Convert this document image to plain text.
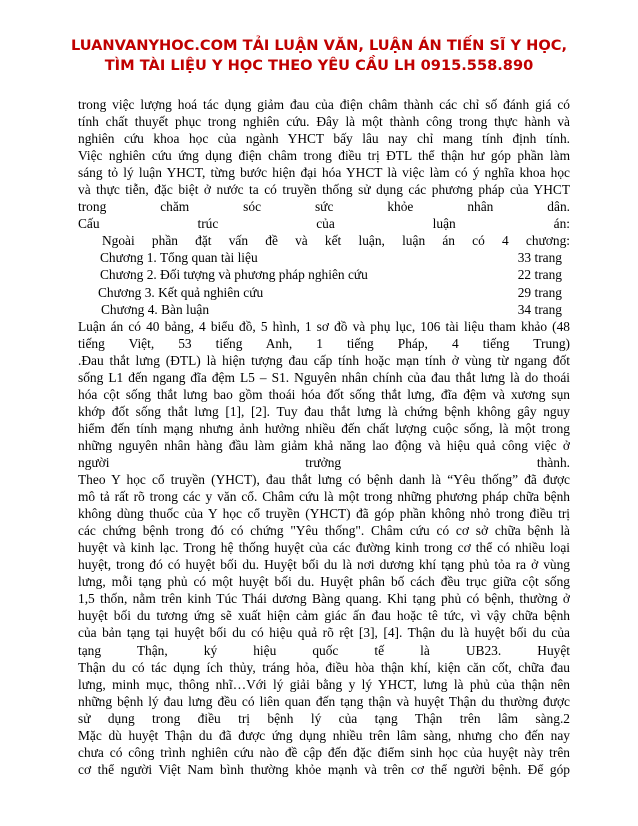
LUANVANYHOC.COM TẢI LUẬN VĂN, LUẬN ÁN TIẾN SĨ Y HỌC,
TÌM TÀI LIỆU Y HỌC THEO YÊU CẦU LH 0915.558.890
trong việc lượng hoá tác dụng giảm đau của điện châm thành các chỉ số đánh giá có
tính chất thuyết phục trong nghiên cứu. Đây là một thành công trong thực hành và
nghiên cứu khoa học của ngành YHCT bấy lâu nay chỉ mang tính định tính.
Việc nghiên cứu ứng dụng điện châm trong điều trị ĐTL thể thận hư góp phần làm
sáng tỏ lý luận YHCT, từng bước hiện đại hóa YHCT là việc làm có ý nghĩa khoa học
và thực tiễn, đặc biệt ở nước ta có truyền thống sử dụng các phương pháp của YHCT
trong chăm sóc sức khỏe nhân dân.
Cấu trúc của luận án:
Ngoài phần đặt vấn đề và kết luận, luận án có 4 chương:
Chương 1. Tổng quan tài liệu	33 trang
Chương 2. Đối tượng và phương pháp nghiên cứu	22 trang
Chương 3. Kết quả nghiên cứu	29 trang
Chương 4. Bàn luận	34 trang
Luận án có 40 bảng, 4 biểu đồ, 5 hình, 1 sơ đồ và phụ lục, 106 tài liệu tham khảo (48
tiếng Việt, 53 tiếng Anh, 1 tiếng Pháp, 4 tiếng Trung)
.Đau thắt lưng (ĐTL) là hiện tượng đau cấp tính hoặc mạn tính ở vùng từ ngang đốt
sống L1 đến ngang đĩa đệm L5 – S1. Nguyên nhân chính của đau thắt lưng là do thoái
hóa cột sống thắt lưng bao gồm thoái hóa đốt sống thắt lưng, đĩa đệm và xương sụn
khớp đốt sống thắt lưng [1], [2]. Tuy đau thắt lưng là chứng bệnh không gây nguy
hiểm đến tính mạng nhưng ảnh hưởng nhiều đến chất lượng cuộc sống, là một trong
những nguyên nhân hàng đầu làm giảm khả năng lao động và hiệu quả công việc ở
người trưởng thành.
Theo Y học cổ truyền (YHCT), đau thắt lưng có bệnh danh là “Yêu thống” đã được
mô tả rất rõ trong các y văn cổ. Châm cứu là một trong những phương pháp chữa bệnh
không dùng thuốc của Y học cổ truyền (YHCT) đã góp phần không nhỏ trong điều trị
các chứng bệnh trong đó có chứng "Yêu thống". Châm cứu có cơ sở chữa bệnh là
huyệt và kinh lạc. Trong hệ thống huyệt của các đường kinh trong cơ thể có nhiều loại
huyệt, trong đó có huyệt bối du. Huyệt bối du là nơi dương khí tạng phủ tỏa ra ở vùng
lưng, mỗi tạng phủ có một huyệt bối du. Huyệt phân bố cách đều trục giữa cột sống
1,5 thốn, nằm trên kinh Túc Thái dương Bàng quang. Khi tạng phủ có bệnh, thường ở
huyệt bối du tương ứng sẽ xuất hiện cảm giác ấn đau hoặc tê tức, vì vậy chữa bệnh
của bản tạng tại huyệt bối du có hiệu quả rõ rệt [3], [4]. Thận du là huyệt bối du của
tạng Thận, ký hiệu quốc tế là UB23. Huyệt
Thận du có tác dụng ích thủy, tráng hỏa, điều hòa thận khí, kiện căn cốt, chữa đau
lưng, minh mục, thông nhĩ…Với lý giải bằng y lý YHCT, lưng là phủ của thận nên
những bệnh lý đau lưng đều có liên quan đến tạng thận và huyệt Thận du thường được
sử dụng trong điều trị bệnh lý của tạng Thận trên lâm sàng.2
Mặc dù huyệt Thận du đã được ứng dụng nhiều trên lâm sàng, nhưng cho đến nay
chưa có công trình nghiên cứu nào đề cập đến đặc điểm sinh học của huyệt này trên
cơ thể người Việt Nam bình thường khỏe mạnh và trên cơ thể người bệnh. Để góp
